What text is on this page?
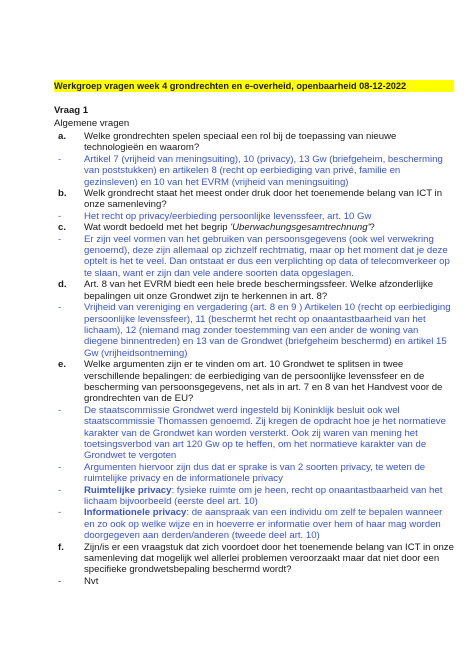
Werkgroep vragen week 4 grondrechten en e-overheid, openbaarheid 08-12-2022
Vraag 1
Algemene vragen
a.	Welke grondrechten spelen speciaal een rol bij de toepassing van nieuwe technologieën en waarom?
-	Artikel 7 (vrijheid van meningsuiting), 10 (privacy), 13 Gw (briefgeheim, bescherming van poststukken) en artikelen 8 (recht op eerbiediging van privé, familie en gezinsleven) en 10 van het EVRM (vrijheid van meningsuiting)
b.	Welk grondrecht staat het meest onder druk door het toenemende belang van ICT in onze samenleving?
-	Het recht op privacy/eerbieding persoonlijke levenssfeer, art. 10 Gw
c.	Wat wordt bedoeld met het begrip 'Uberwachungsgesamtrechnung'?
-	Er zijn veel vormen van het gebruiken van persoonsgegevens (ook wel verwekring genoemd), deze zijn allemaal op zichzelf rechtmatig, maar op het moment dat je deze optelt is het te veel. Dan ontstaat er dus een verplichting op data of telecomverkeer op te slaan, want er zijn dan vele andere soorten data opgeslagen.
d.	Art. 8 van het EVRM biedt een hele brede beschermingssfeer. Welke afzonderlijke bepalingen uit onze Grondwet zijn te herkennen in art. 8?
-	Vrijheid van vereniging en vergadering (art. 8 en 9 ) Artikelen 10 (recht op eerbiediging persoonlijke levenssfeer), 11 (beschermt het recht op onaantastbaarheid van het lichaam), 12 (niemand mag zonder toestemming van een ander de woning van diegene binnentreden) en 13 van de Grondwet (briefgeheim beschermd) en artikel 15 Gw (vrijheidsontneming)
e.	Welke argumenten zijn er te vinden om art. 10 Grondwet te splitsen in twee verschillende bepalingen: de eerbiediging van de persoonlijke levenssfeer en de bescherming van persoonsgegevens, net als in art. 7 en 8 van het Handvest voor de grondrechten van de EU?
-	De staatscommissie Grondwet werd ingesteld bij Koninklijk besluit ook wel staatscommissie Thomassen genoemd. Zij kregen de opdracht hoe je het normatieve karakter van de Grondwet kan worden versterkt. Ook zij waren van mening het toetsingsverbod van art 120 Gw op te heffen, om het normatieve karakter van de Grondwet te vergoten
-	Argumenten hiervoor zijn dus dat er sprake is van 2 soorten privacy, te weten de ruimtelijke privacy en de informationele privacy
-	Ruimtelijke privacy: fysieke ruimte om je heen, recht op onaantastbaarheid van het lichaam bijvoorbeeld (eerste deel art. 10)
-	Informationele privacy: de aanspraak van een individu om zelf te bepalen wanneer en zo ook op welke wijze en in hoeverre er informatie over hem of haar mag worden doorgegeven aan derden/anderen (tweede deel art. 10)
f.	Zijn/is er een vraagstuk dat zich voordoet door het toenemende belang van ICT in onze samenleving dat mogelijk wel allerlei problemen veroorzaakt maar dat niet door een specifieke grondwetsbepaling beschermd wordt?
-	Nvt
